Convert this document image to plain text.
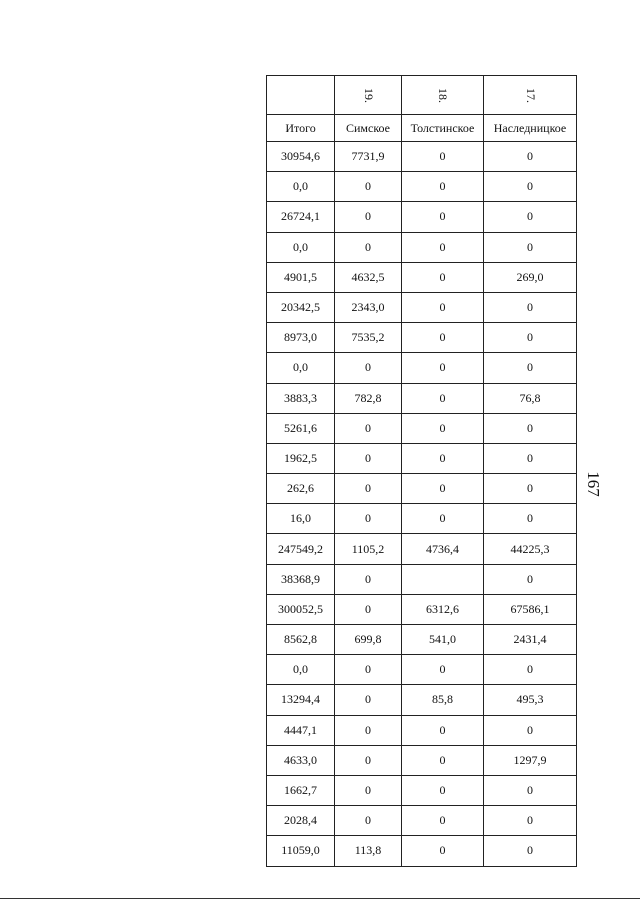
	19.	18.	17.
Итого	Симское	Толстинское	Наследницкое
30954,6	7731,9	0	0
0,0	0	0	0
26724,1	0	0	0
0,0	0	0	0
4901,5	4632,5	0	269,0
20342,5	2343,0	0	0
8973,0	7535,2	0	0
0,0	0	0	0
3883,3	782,8	0	76,8
5261,6	0	0	0
1962,5	0	0	0
262,6	0	0	0
16,0	0	0	0
247549,2	1105,2	4736,4	44225,3
38368,9	0		0
300052,5	0	6312,6	67586,1
8562,8	699,8	541,0	2431,4
0,0	0	0	0
13294,4	0	85,8	495,3
4447,1	0	0	0
4633,0	0	0	1297,9
1662,7	0	0	0
2028,4	0	0	0
11059,0	113,8	0	0
167
